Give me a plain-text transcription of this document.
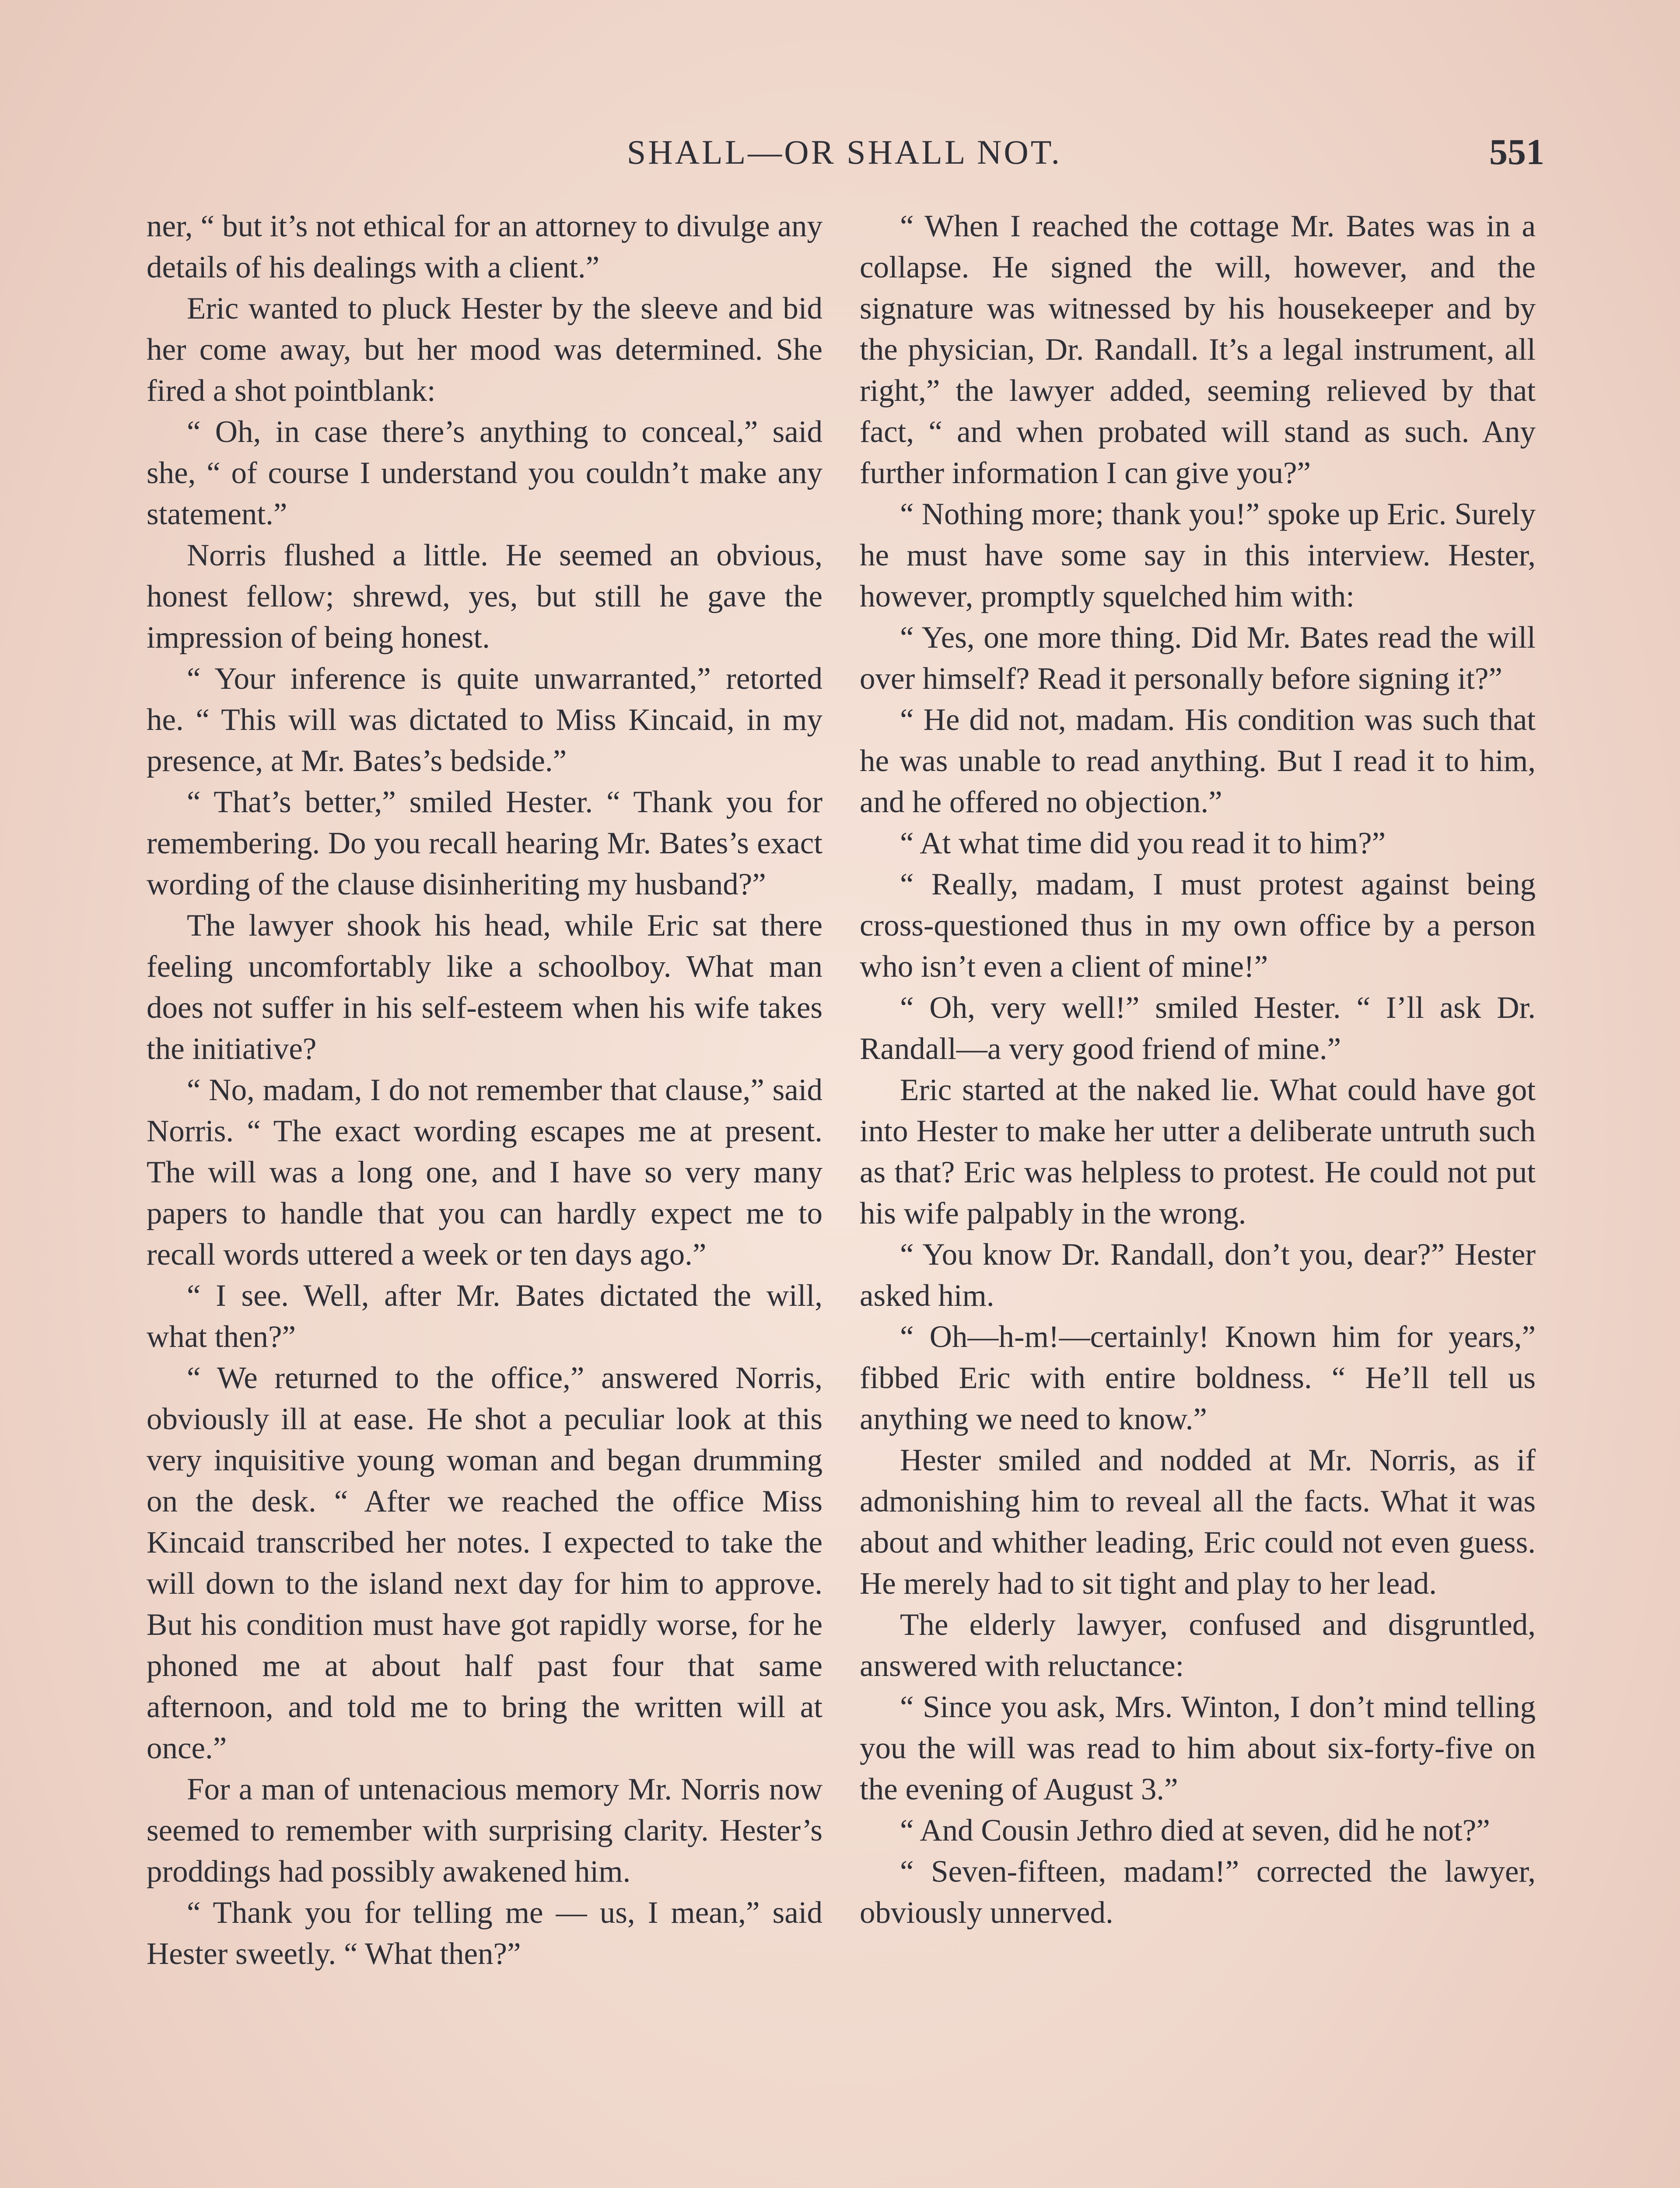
SHALL—OR SHALL NOT.	551

ner, “ but it’s not ethical for an attorney to divulge any details of his dealings with a client.”

Eric wanted to pluck Hester by the sleeve and bid her come away, but her mood was determined. She fired a shot pointblank:

“ Oh, in case there’s anything to conceal,” said she, “ of course I understand you couldn’t make any statement.”

Norris flushed a little. He seemed an obvious, honest fellow; shrewd, yes, but still he gave the impression of being honest.

“ Your inference is quite unwarranted,” retorted he. “ This will was dictated to Miss Kincaid, in my presence, at Mr. Bates’s bedside.”

“ That’s better,” smiled Hester. “ Thank you for remembering. Do you recall hearing Mr. Bates’s exact wording of the clause disinheriting my husband?”

The lawyer shook his head, while Eric sat there feeling uncomfortably like a schoolboy. What man does not suffer in his self-esteem when his wife takes the initiative?

“ No, madam, I do not remember that clause,” said Norris. “ The exact wording escapes me at present. The will was a long one, and I have so very many papers to handle that you can hardly expect me to recall words uttered a week or ten days ago.”

“ I see. Well, after Mr. Bates dictated the will, what then?”

“ We returned to the office,” answered Norris, obviously ill at ease. He shot a peculiar look at this very inquisitive young woman and began drumming on the desk. “ After we reached the office Miss Kincaid transcribed her notes. I expected to take the will down to the island next day for him to approve. But his condition must have got rapidly worse, for he phoned me at about half past four that same afternoon, and told me to bring the written will at once.”

For a man of untenacious memory Mr. Norris now seemed to remember with surprising clarity. Hester’s proddings had possibly awakened him.

“ Thank you for telling me — us, I mean,” said Hester sweetly. “ What then?”

“ When I reached the cottage Mr. Bates was in a collapse. He signed the will, however, and the signature was witnessed by his housekeeper and by the physician, Dr. Randall. It’s a legal instrument, all right,” the lawyer added, seeming relieved by that fact, “ and when probated will stand as such. Any further information I can give you?”

“ Nothing more; thank you!” spoke up Eric. Surely he must have some say in this interview. Hester, however, promptly squelched him with:

“ Yes, one more thing. Did Mr. Bates read the will over himself? Read it personally before signing it?”

“ He did not, madam. His condition was such that he was unable to read anything. But I read it to him, and he offered no objection.”

“ At what time did you read it to him?”

“ Really, madam, I must protest against being cross-questioned thus in my own office by a person who isn’t even a client of mine!”

“ Oh, very well!” smiled Hester. “ I’ll ask Dr. Randall—a very good friend of mine.”

Eric started at the naked lie. What could have got into Hester to make her utter a deliberate untruth such as that? Eric was helpless to protest. He could not put his wife palpably in the wrong.

“ You know Dr. Randall, don’t you, dear?” Hester asked him.

“ Oh—h-m!—certainly! Known him for years,” fibbed Eric with entire boldness. “ He’ll tell us anything we need to know.”

Hester smiled and nodded at Mr. Norris, as if admonishing him to reveal all the facts. What it was about and whither leading, Eric could not even guess. He merely had to sit tight and play to her lead.

The elderly lawyer, confused and disgruntled, answered with reluctance:

“ Since you ask, Mrs. Winton, I don’t mind telling you the will was read to him about six-forty-five on the evening of August 3.”

“ And Cousin Jethro died at seven, did he not?”

“ Seven-fifteen, madam!” corrected the lawyer, obviously unnerved.
